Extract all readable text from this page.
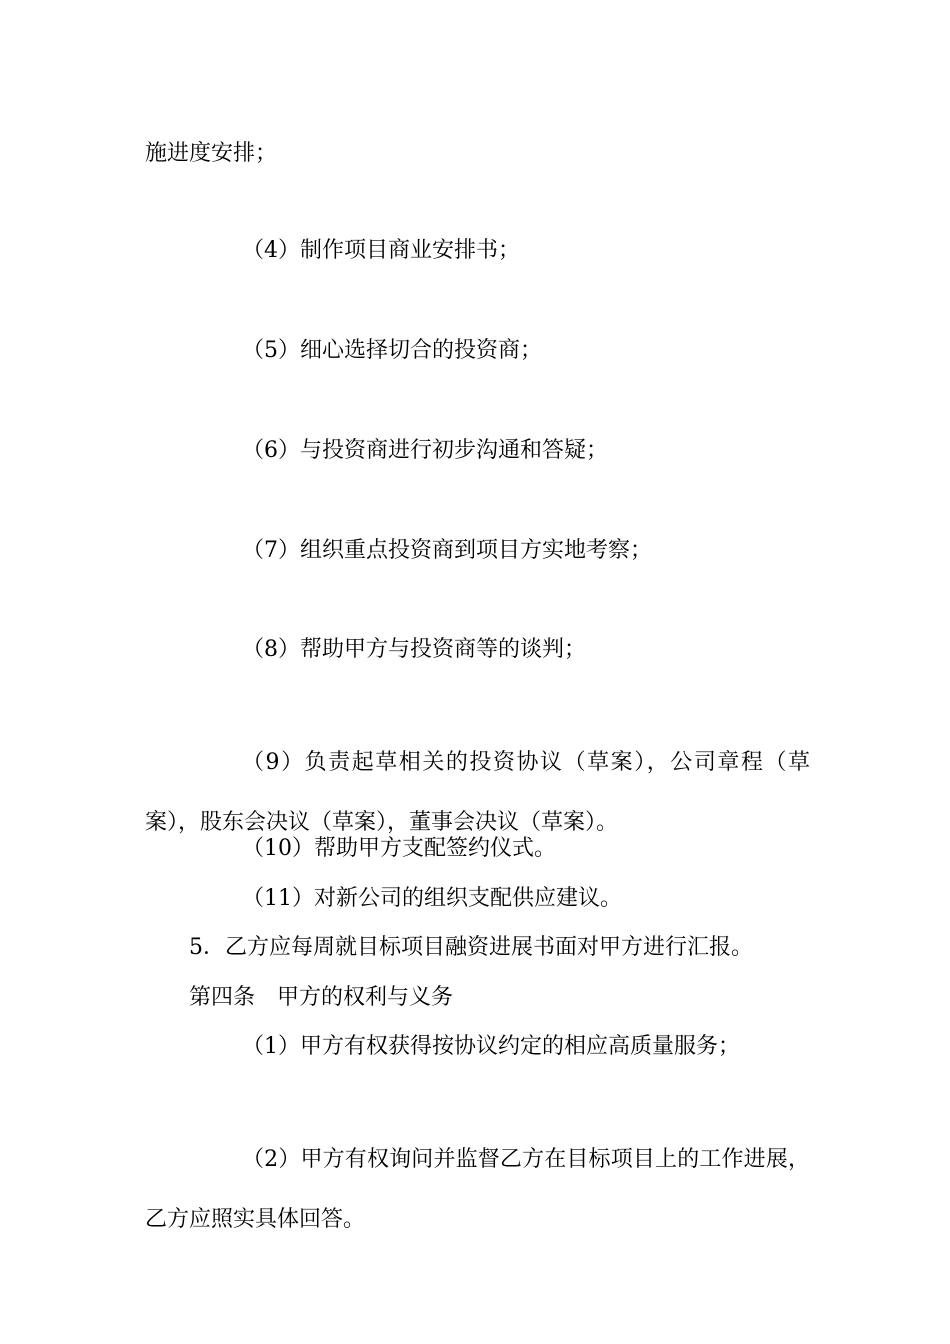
施进度安排；

（4）制作项目商业安排书；

（5）细心选择切合的投资商；

（6）与投资商进行初步沟通和答疑；

（7）组织重点投资商到项目方实地考察；

（8）帮助甲方与投资商等的谈判；

（9）负责起草相关的投资协议（草案），公司章程（草案），股东会决议（草案），董事会决议（草案）。

（10）帮助甲方支配签约仪式。

（11）对新公司的组织支配供应建议。

5．乙方应每周就目标项目融资进展书面对甲方进行汇报。

第四条　甲方的权利与义务

（1）甲方有权获得按协议约定的相应高质量服务；

（2）甲方有权询问并监督乙方在目标项目上的工作进展，乙方应照实具体回答。
